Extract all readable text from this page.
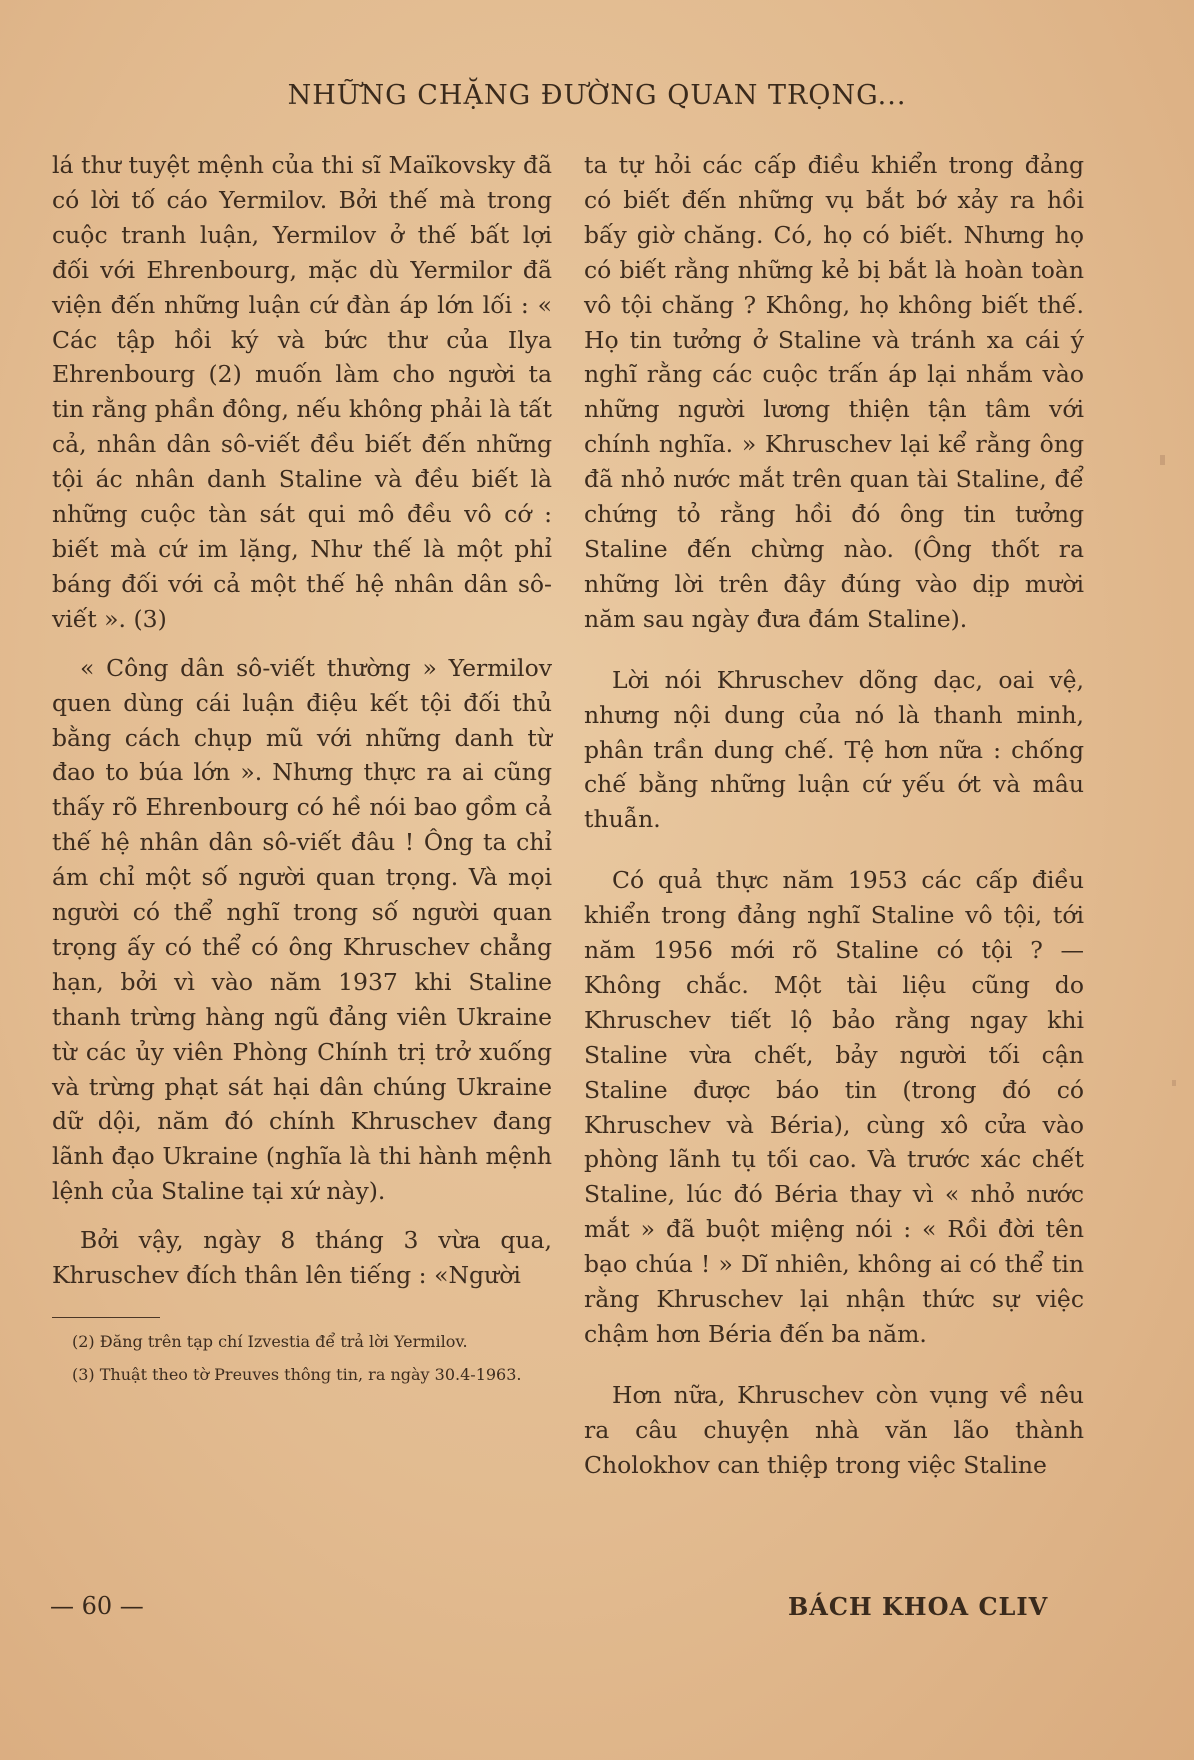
NHỮNG CHẶNG ĐƯỜNG QUAN TRỌNG...

lá thư tuyệt mệnh của thi sĩ Maïkovsky đã có lời tố cáo Yermilov. Bởi thế mà trong cuộc tranh luận, Yermilov ở thế bất lợi đối với Ehrenbourg, mặc dù Yermilor đã viện đến những luận cứ đàn áp lớn lối : « Các tập hồi ký và bức thư của Ilya Ehrenbourg (2) muốn làm cho người ta tin rằng phần đông, nếu không phải là tất cả, nhân dân sô-viết đều biết đến những tội ác nhân danh Staline và đều biết là những cuộc tàn sát qui mô đều vô cớ : biết mà cứ im lặng, Như thế là một phỉ báng đối với cả một thế hệ nhân dân sô-viết ». (3)

« Công dân sô-viết thường » Yermilov quen dùng cái luận điệu kết tội đối thủ bằng cách chụp mũ với những danh từ đao to búa lớn ». Nhưng thực ra ai cũng thấy rõ Ehrenbourg có hề nói bao gồm cả thế hệ nhân dân sô-viết đâu ! Ông ta chỉ ám chỉ một số người quan trọng. Và mọi người có thể nghĩ trong số người quan trọng ấy có thể có ông Khruschev chẳng hạn, bởi vì vào năm 1937 khi Staline thanh trừng hàng ngũ đảng viên Ukraine từ các ủy viên Phòng Chính trị trở xuống và trừng phạt sát hại dân chúng Ukraine dữ dội, năm đó chính Khruschev đang lãnh đạo Ukraine (nghĩa là thi hành mệnh lệnh của Staline tại xứ này).

Bởi vậy, ngày 8 tháng 3 vừa qua, Khruschev đích thân lên tiếng : «Người

(2) Đăng trên tạp chí Izvestia để trả lời Yermilov.

(3) Thuật theo tờ Preuves thông tin, ra ngày 30.4-1963.

ta tự hỏi các cấp điều khiển trong đảng có biết đến những vụ bắt bớ xảy ra hồi bấy giờ chăng. Có, họ có biết. Nhưng họ có biết rằng những kẻ bị bắt là hoàn toàn vô tội chăng ? Không, họ không biết thế. Họ tin tưởng ở Staline và tránh xa cái ý nghĩ rằng các cuộc trấn áp lại nhắm vào những người lương thiện tận tâm với chính nghĩa. » Khruschev lại kể rằng ông đã nhỏ nước mắt trên quan tài Staline, để chứng tỏ rằng hồi đó ông tin tưởng Staline đến chừng nào. (Ông thốt ra những lời trên đây đúng vào dịp mười năm sau ngày đưa đám Staline).

Lời nói Khruschev dõng dạc, oai vệ, nhưng nội dung của nó là thanh minh, phân trần dung chế. Tệ hơn nữa : chống chế bằng những luận cứ yếu ớt và mâu thuẫn.

Có quả thực năm 1953 các cấp điều khiển trong đảng nghĩ Staline vô tội, tới năm 1956 mới rõ Staline có tội ? — Không chắc. Một tài liệu cũng do Khruschev tiết lộ bảo rằng ngay khi Staline vừa chết, bảy người tối cận Staline được báo tin (trong đó có Khruschev và Béria), cùng xô cửa vào phòng lãnh tụ tối cao. Và trước xác chết Staline, lúc đó Béria thay vì « nhỏ nước mắt » đã buột miệng nói : « Rồi đời tên bạo chúa ! » Dĩ nhiên, không ai có thể tin rằng Khruschev lại nhận thức sự việc chậm hơn Béria đến ba năm.

Hơn nữa, Khruschev còn vụng về nêu ra câu chuyện nhà văn lão thành Cholokhov can thiệp trong việc Staline

— 60 —	BÁCH KHOA CLIV
